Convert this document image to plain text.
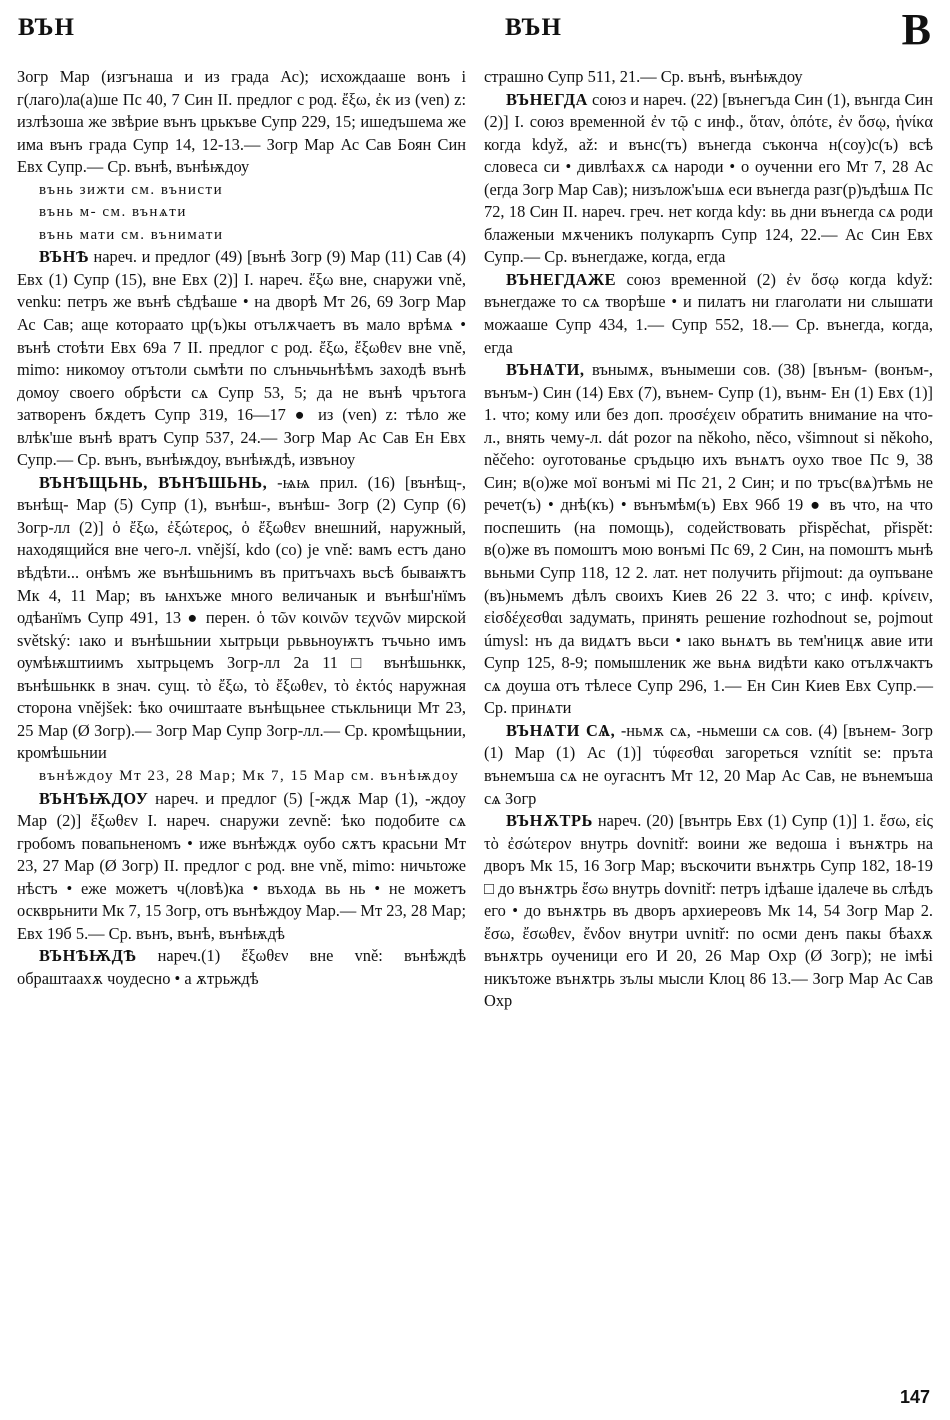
ВЪН	ВЪН	В

Зогр Мар (изгънаша и из града Ас); исхождааше вонъ і г(лаго)ла(а)ше Пс 40, 7 Син II. предлог с род. ἔξω, ἐκ из (ven) z: излѣзоша же звѣрие вънъ црькъве Супр 229, 15; ишедъшема же има вънъ града Супр 14, 12-13.— Зогр Мар Ас Сав Боян Син Евх Супр.— Ср. вънѣ, вънѣѭдоу

вънь зижти см. вънисти

вънь м- см. вънѧти

вънь мати см. вънимати

ВЪНѢ нареч. и предлог (49) [вънѣ Зогр (9) Мар (11) Сав (4) Евх (1) Супр (15), вне Евх (2)] I. нареч. ἔξω вне, снаружи vně, venku: петръ же вънѣ сѣдѣаше • на дворѣ Мт 26, 69 Зогр Мар Ас Сав; аще котораато цр(ъ)кы отълѫчаетъ въ мало врѣмѧ • вънѣ стоѣти Евх 69а 7 II. предлог с род. ἔξω, ἔξωθεν вне vně, mimo: никомоу отътоли сьмѣти по слъньчьнѣѣмъ заходѣ вънѣ домоу своего обрѣсти сѧ Супр 53, 5; да не вънѣ чрътога затворенъ бѫдетъ Супр 319, 16—17 ● из (ven) z: тѣло же влѣк'ше вънѣ вратъ Супр 537, 24.— Зогр Мар Ас Сав Ен Евх Супр.— Ср. вънъ, вънѣѭдоу, вънѣѭдѣ, извъноу

ВЪНѢЩЬНЬ, ВЪНѢШЬНЬ, -ѩѩ прил. (16) [вънѣщ-, вънѣщ- Мар (5) Супр (1), вънѣш-, вънѣш- Зогр (2) Супр (6) Зогр-лл (2)] ὁ ἔξω, ἐξώτερος, ὁ ἔξωθεν внешний, наружный, находящийся вне чего-л. vnější, kdo (co) je vně: вамъ естъ дано вѣдѣти... онѣмъ же вънѣшьнимъ въ притъчахъ вьсѣ бываѭтъ Мк 4, 11 Мар; въ ѩнхъже много величанык и вънѣш'нїмъ одѣанїмъ Супр 491, 13 ● перен. ὁ τῶν κοινῶν τεχνῶν мирской světský: ıако и вънѣшьнии хытрьци рьвьноуѭтъ тъчьно имъ оумѣѭштиимъ хытрьцемъ Зогр-лл 2а 11 □ вънѣшьнкк, вънѣшьнкк в знач. сущ. τὸ ἔξω, τὸ ἔξωθεν, τὸ ἐκτός наружная сторона vnějšek: ѣко очиштаате вънѣщьнее стькльници Мт 23, 25 Мар (Ø Зогр).— Зогр Мар Супр Зогр-лл.— Ср. кромѣщьнии, кромѣшьнии

вънѣждоу Мт 23, 28 Мар; Мк 7, 15 Мар см. вънѣѭдоу

ВЪНѢѬДОУ нареч. и предлог (5) [-ждѫ Мар (1), -ждоу Мар (2)] ἔξωθεν I. нареч. снаружи zevně: ѣко подобите сѧ гробомъ повапьненомъ • иже вънѣждѫ оубо сѫтъ красьни Мт 23, 27 Мар (Ø Зогр) II. предлог с род. вне vně, mimo: ничьтоже нѣстъ • еже можетъ ч(ловѣ)ка • въходѧ вь нь • не можетъ оскврьнити Мк 7, 15 Зогр, отъ вънѣждоу Мар.— Мт 23, 28 Мар; Евх 19б 5.— Ср. вънъ, вънѣ, вънѣѭдѣ

ВЪНѢѬДѢ нареч.(1) ἔξωθεν вне vně: вънѣждѣ обраштаахѫ чоудесно • а ѫтрьждѣ

страшно Супр 511, 21.— Ср. вънѣ, вънѣѭдоу

ВЪНЕГДА союз и нареч. (22) [вънегъда Син (1), вънгда Син (2)] I. союз временной ἐν τῷ с инф., ὅταν, ὁπότε, ἐν ὅσῳ, ἡνίκα когда když, až: и вънс(тъ) вънегда съконча н(соу)с(ъ) всѣ словеса си • дивлѣахѫ сѧ народи • о оученни его Мт 7, 28 Ас (егда Зогр Мар Сав); низълож'ьшѧ еси вънегда разг(р)ъдѣшѧ Пс 72, 18 Син II. нареч. греч. нет когда kdy: вь дни вънегда сѧ роди блаженыи мѫченикъ полукарпъ Супр 124, 22.— Ас Син Евх Супр.— Ср. вънегдаже, когда, егда

ВЪНЕГДАЖЕ союз временной (2) ἐν ὅσῳ когда když: вънегдаже то сѧ творѣше • и пилатъ ни глаголати ни слышати можааше Супр 434, 1.— Супр 552, 18.— Ср. вънегда, когда, егда

ВЪНѦТИ, вънымѫ, вънымеши сов. (38) [вънъм- (вонъм-, вънъм-) Син (14) Евх (7), вънем- Супр (1), вънм- Ен (1) Евх (1)] 1. что; кому или без доп. προσέχειν обратить внимание на что-л., внять чему-л. dát pozor na někoho, něco, všimnout si někoho, něčeho: оуготованье сръдьцю ихъ вънѧтъ оухо твое Пс 9, 38 Син; в(о)же мої вонъмі мі Пс 21, 2 Син; и по тръс(вѧ)тѣмь не речет(ъ) • днѣ(къ) • вънъмѣм(ъ) Евх 96б 19 ● въ что, на что поспешить (на помощь), содействовать přispěchat, přispět: в(о)же въ помоштъ мою вонъмі Пс 69, 2 Син, на помоштъ мьнѣ вьньми Супр 118, 12 2. лат. нет получить přijmout: да оупъване (въ)ньмемъ дѣлъ своихъ Киев 26 22 3. что; с инф. κρίνειν, εἰσδέχεσθαι задумать, принять решение rozhodnout se, pojmout úmysl: нъ да видѧтъ вьси • ıако вьнѧтъ вь тем'ницѫ авие ити Супр 125, 8-9; помышленик же вьнѧ видѣти како отълѫчактъ сѧ доуша отъ тѣлесе Супр 296, 1.— Ен Син Киев Евх Супр.— Ср. принѧти

ВЪНѦТИ СѦ, -ньмѫ сѧ, -ньмеши сѧ сов. (4) [вънем- Зогр (1) Мар (1) Ас (1)] τύφεσθαι загореться vznítit se: пръта вънемъша сѧ не оугаснтъ Мт 12, 20 Мар Ас Сав, не вънемъша сѧ Зогр

ВЪНѪТРЬ нареч. (20) [вънтрь Евх (1) Супр (1)] 1. ἔσω, εἰς τὸ ἐσώτερον внутрь dovnitř: воини же ведоша і вънѫтрь на дворъ Мк 15, 16 Зогр Мар; въскочити вънѫтрь Супр 182, 18-19 □ до вънѫтрь ἔσω внутрь dovnitř: петръ ідѣаше ідалече вь слѣдъ его • до вънѫтрь въ дворъ архиереовъ Мк 14, 54 Зогр Мар 2. ἔσω, ἔσωθεν, ἔνδον внутри uvnitř: по осми денъ пакы бѣахѫ вънѫтрь оученици его И 20, 26 Мар Охр (Ø Зогр); не імѣі никътоже вънѫтрь зълы мысли Клоц 86 13.— Зогр Мар Ас Сав Охр

147
